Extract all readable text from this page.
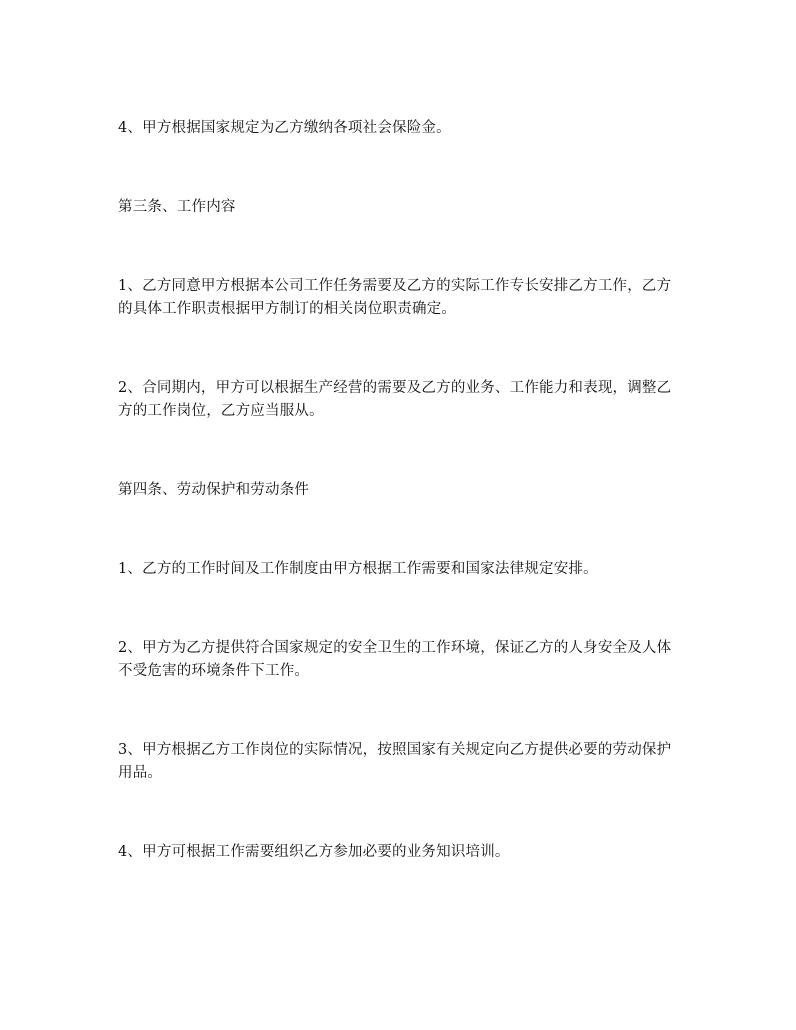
4、甲方根据国家规定为乙方缴纳各项社会保险金。

第三条、工作内容

1、乙方同意甲方根据本公司工作任务需要及乙方的实际工作专长安排乙方工作，乙方的具体工作职责根据甲方制订的相关岗位职责确定。

2、合同期内，甲方可以根据生产经营的需要及乙方的业务、工作能力和表现，调整乙方的工作岗位，乙方应当服从。

第四条、劳动保护和劳动条件

1、乙方的工作时间及工作制度由甲方根据工作需要和国家法律规定安排。

2、甲方为乙方提供符合国家规定的安全卫生的工作环境，保证乙方的人身安全及人体不受危害的环境条件下工作。

3、甲方根据乙方工作岗位的实际情况，按照国家有关规定向乙方提供必要的劳动保护用品。

4、甲方可根据工作需要组织乙方参加必要的业务知识培训。
